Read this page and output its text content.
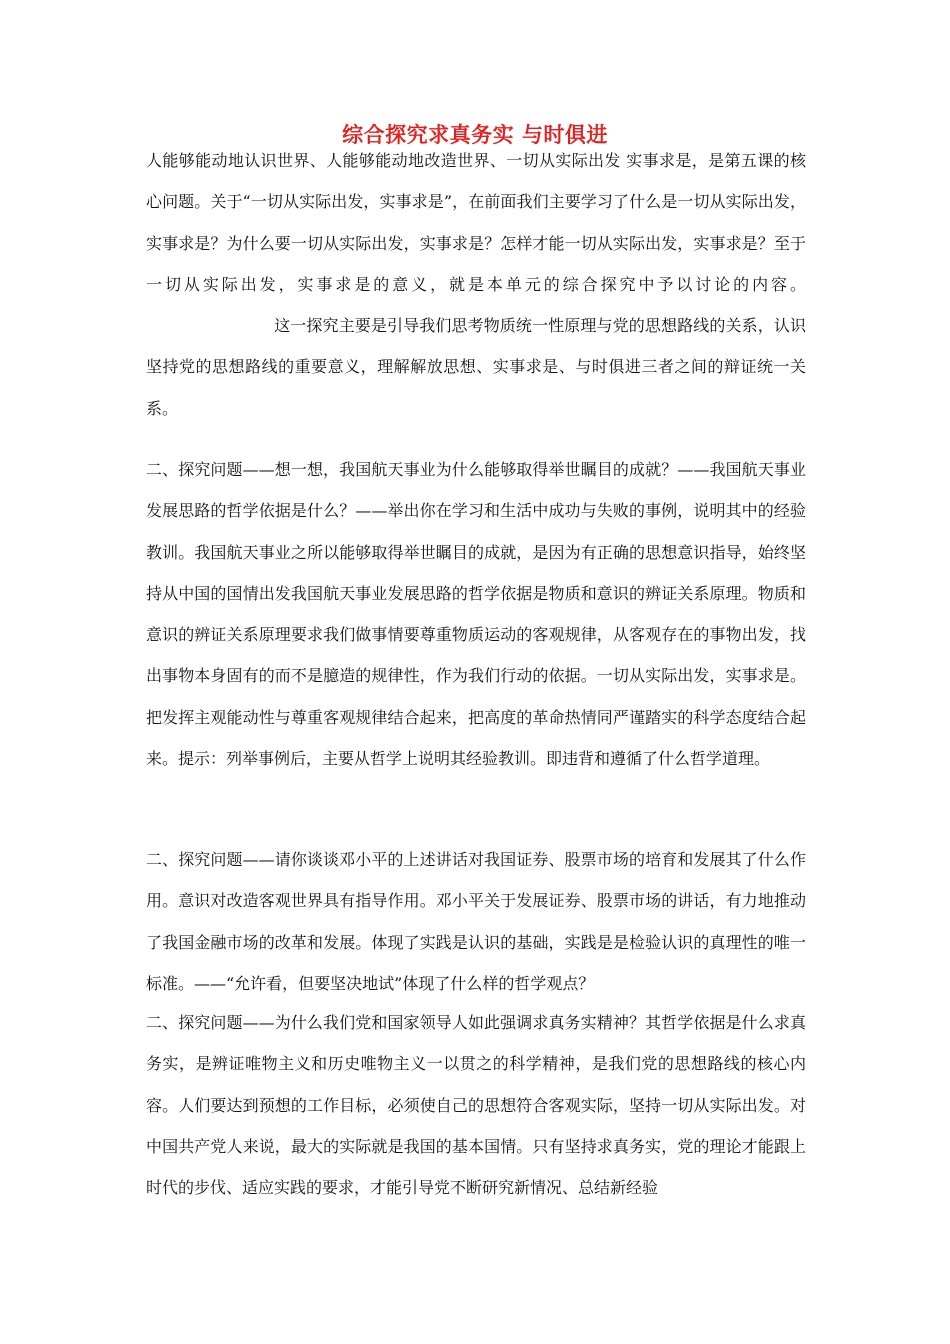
综合探究求真务实 与时俱进
人能够能动地认识世界、人能够能动地改造世界、一切从实际出发 实事求是，是第五课的核心问题。关于“一切从实际出发，实事求是”，在前面我们主要学习了什么是一切从实际出发，实事求是？为什么要一切从实际出发，实事求是？怎样才能一切从实际出发，实事求是？至于一切从实际出发，实事求是的意义，就是本单元的综合探究中予以讨论的内容。这一探究主要是引导我们思考物质统一性原理与党的思想路线的关系，认识坚持党的思想路线的重要意义，理解解放思想、实事求是、与时俱进三者之间的辩证统一关系。
二、探究问题——想一想，我国航天事业为什么能够取得举世瞩目的成就？——我国航天事业发展思路的哲学依据是什么？——举出你在学习和生活中成功与失败的事例，说明其中的经验教训。我国航天事业之所以能够取得举世瞩目的成就，是因为有正确的思想意识指导，始终坚持从中国的国情出发我国航天事业发展思路的哲学依据是物质和意识的辨证关系原理。物质和意识的辨证关系原理要求我们做事情要尊重物质运动的客观规律，从客观存在的事物出发，找出事物本身固有的而不是臆造的规律性，作为我们行动的依据。一切从实际出发，实事求是。把发挥主观能动性与尊重客观规律结合起来，把高度的革命热情同严谨踏实的科学态度结合起来。提示：列举事例后，主要从哲学上说明其经验教训。即违背和遵循了什么哲学道理。
二、探究问题——请你谈谈邓小平的上述讲话对我国证券、股票市场的培育和发展其了什么作用。意识对改造客观世界具有指导作用。邓小平关于发展证券、股票市场的讲话，有力地推动了我国金融市场的改革和发展。体现了实践是认识的基础，实践是是检验认识的真理性的唯一标准。——“允许看，但要坚决地试”体现了什么样的哲学观点？
二、探究问题——为什么我们党和国家领导人如此强调求真务实精神？其哲学依据是什么求真务实，是辨证唯物主义和历史唯物主义一以贯之的科学精神，是我们党的思想路线的核心内容。人们要达到预想的工作目标，必须使自己的思想符合客观实际，坚持一切从实际出发。对中国共产党人来说，最大的实际就是我国的基本国情。只有坚持求真务实，党的理论才能跟上时代的步伐、适应实践的要求，才能引导党不断研究新情况、总结新经验
